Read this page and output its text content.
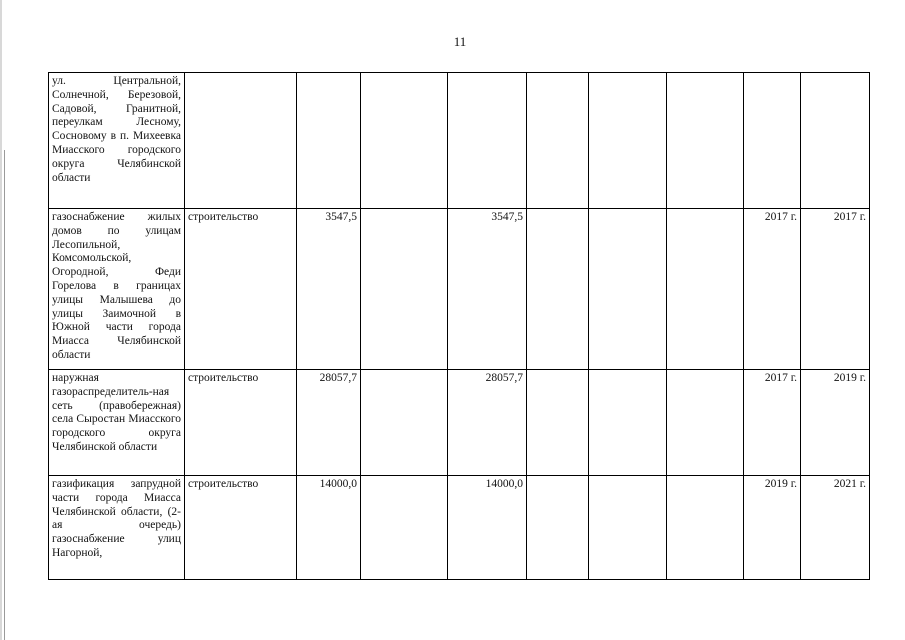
11
ул. Центральной, Солнечной, Березовой, Садовой, Гранитной, переулкам Лесному, Сосновому в п. Михеевка Миасского городского округа Челябинской области									
газоснабжение жилых домов по улицам Лесопильной, Комсомольской, Огородной, Феди Горелова в границах улицы Малышева до улицы Заимочной в Южной части города Миасса Челябинской области	строительство	3547,5		3547,5				2017 г.	2017 г.
наружная газораспределитель-ная сеть (правобережная) села Сыростан Миасского городского округа Челябинской области	строительство	28057,7		28057,7				2017 г.	2019 г.
газификация запрудной части города Миасса Челябинской области, (2-ая очередь) газоснабжение улиц Нагорной,	строительство	14000,0		14000,0				2019 г.	2021 г.
